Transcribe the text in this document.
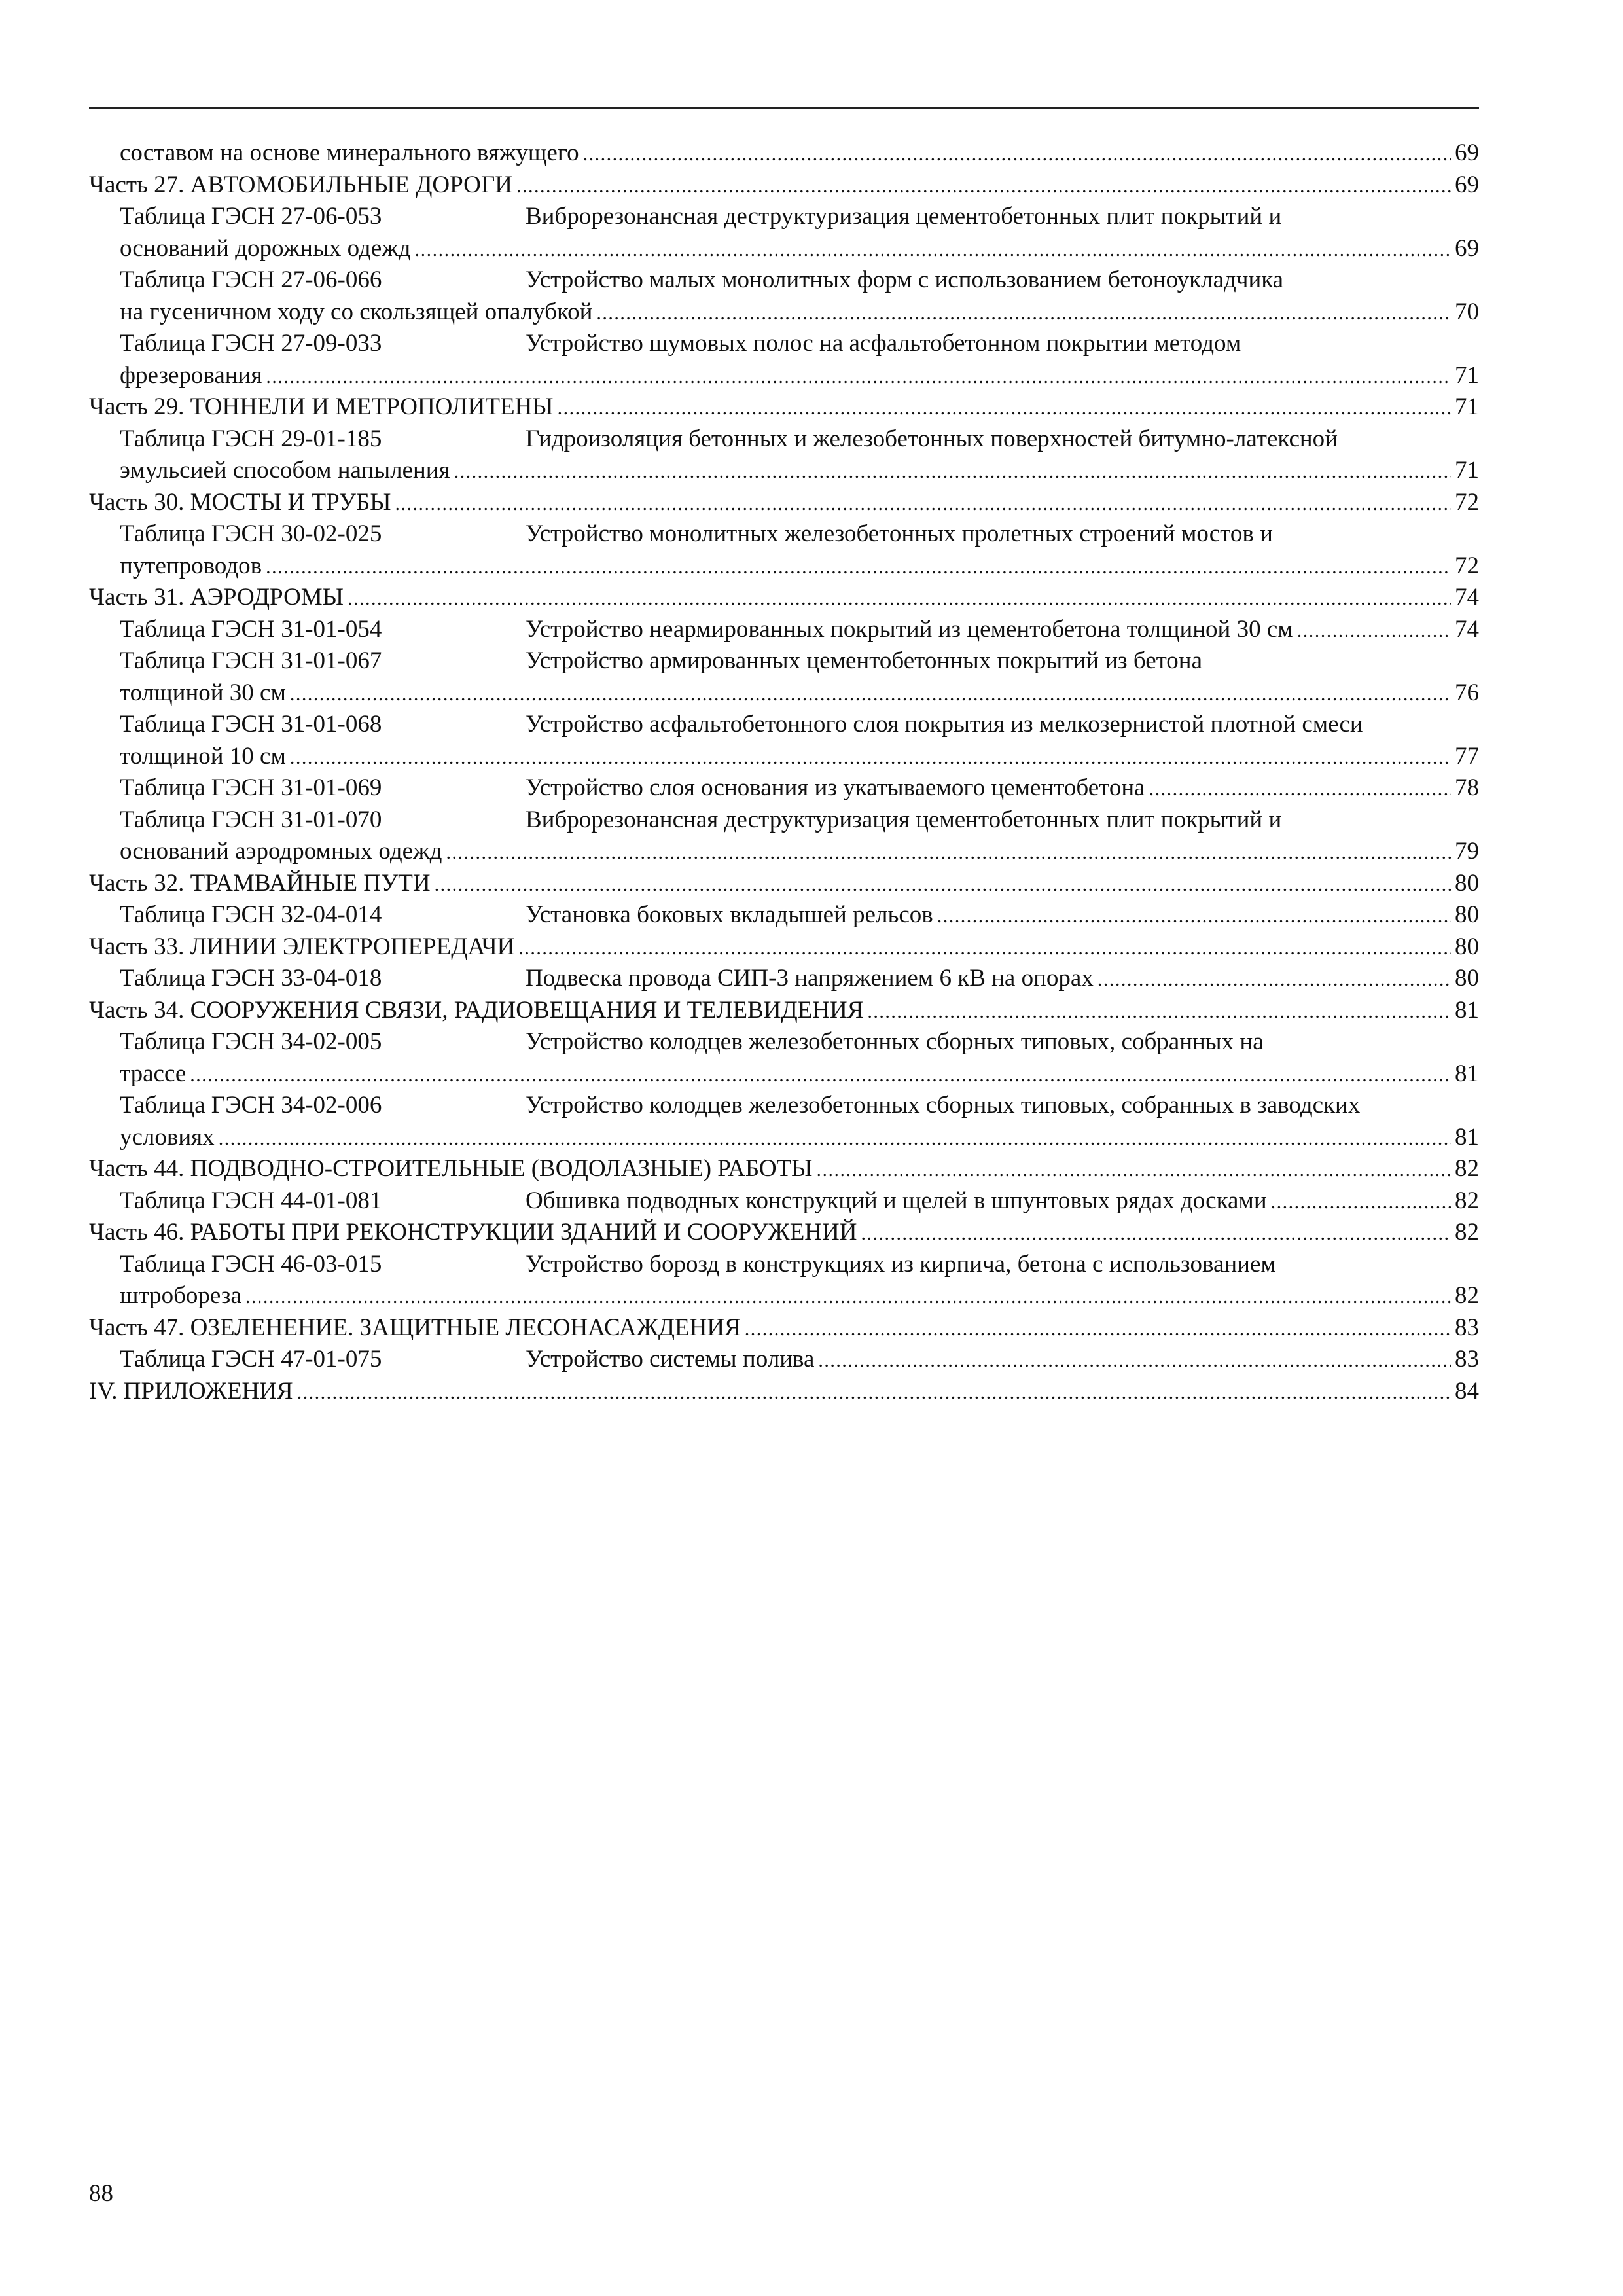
составом на основе минерального вяжущего . . .	69
Часть 27. АВТОМОБИЛЬНЫЕ ДОРОГИ . . .	69
Таблица ГЭСН 27-06-053	Виброрезонансная деструктуризация цементобетонных плит покрытий и
оснований дорожных одежд . . .	69
Таблица ГЭСН 27-06-066	Устройство малых монолитных форм с использованием бетоноукладчика
на гусеничном ходу со скользящей опалубкой . . .	70
Таблица ГЭСН 27-09-033	Устройство шумовых полос на асфальтобетонном покрытии методом
фрезерования . . .	71
Часть 29. ТОННЕЛИ И МЕТРОПОЛИТЕНЫ . . .	71
Таблица ГЭСН 29-01-185	Гидроизоляция бетонных и железобетонных поверхностей битумно-латексной
эмульсией способом напыления . . .	71
Часть 30. МОСТЫ И ТРУБЫ . . .	72
Таблица ГЭСН 30-02-025	Устройство монолитных железобетонных пролетных строений мостов и
путепроводов . . .	72
Часть 31. АЭРОДРОМЫ . . .	74
Таблица ГЭСН 31-01-054	Устройство неармированных покрытий из цементобетона толщиной 30 см . . .	74
Таблица ГЭСН 31-01-067	Устройство армированных цементобетонных покрытий из бетона
толщиной 30 см . . .	76
Таблица ГЭСН 31-01-068	Устройство асфальтобетонного слоя покрытия из мелкозернистой плотной смеси
толщиной 10 см . . .	77
Таблица ГЭСН 31-01-069	Устройство слоя основания из укатываемого цементобетона . . .	78
Таблица ГЭСН 31-01-070	Виброрезонансная деструктуризация цементобетонных плит покрытий и
оснований аэродромных одежд . . .	79
Часть 32. ТРАМВАЙНЫЕ ПУТИ . . .	80
Таблица ГЭСН 32-04-014	Установка боковых вкладышей рельсов . . .	80
Часть 33. ЛИНИИ ЭЛЕКТРОПЕРЕДАЧИ . . .	80
Таблица ГЭСН 33-04-018	Подвеска провода СИП-3 напряжением 6 кВ на опорах . . .	80
Часть 34. СООРУЖЕНИЯ СВЯЗИ, РАДИОВЕЩАНИЯ И ТЕЛЕВИДЕНИЯ . . .	81
Таблица ГЭСН 34-02-005	Устройство колодцев железобетонных сборных типовых, собранных на
трассе . . .	81
Таблица ГЭСН 34-02-006	Устройство колодцев железобетонных сборных типовых, собранных в заводских
условиях . . .	81
Часть 44. ПОДВОДНО-СТРОИТЕЛЬНЫЕ (ВОДОЛАЗНЫЕ) РАБОТЫ . . .	82
Таблица ГЭСН 44-01-081	Обшивка подводных конструкций и щелей в шпунтовых рядах досками . . .	82
Часть 46. РАБОТЫ ПРИ РЕКОНСТРУКЦИИ ЗДАНИЙ И СООРУЖЕНИЙ . . .	82
Таблица ГЭСН 46-03-015	Устройство борозд в конструкциях из кирпича, бетона с использованием
штробореза . . .	82
Часть 47. ОЗЕЛЕНЕНИЕ. ЗАЩИТНЫЕ ЛЕСОНАСАЖДЕНИЯ . . .	83
Таблица ГЭСН 47-01-075	Устройство системы полива . . .	83
IV. ПРИЛОЖЕНИЯ . . .	84
88
